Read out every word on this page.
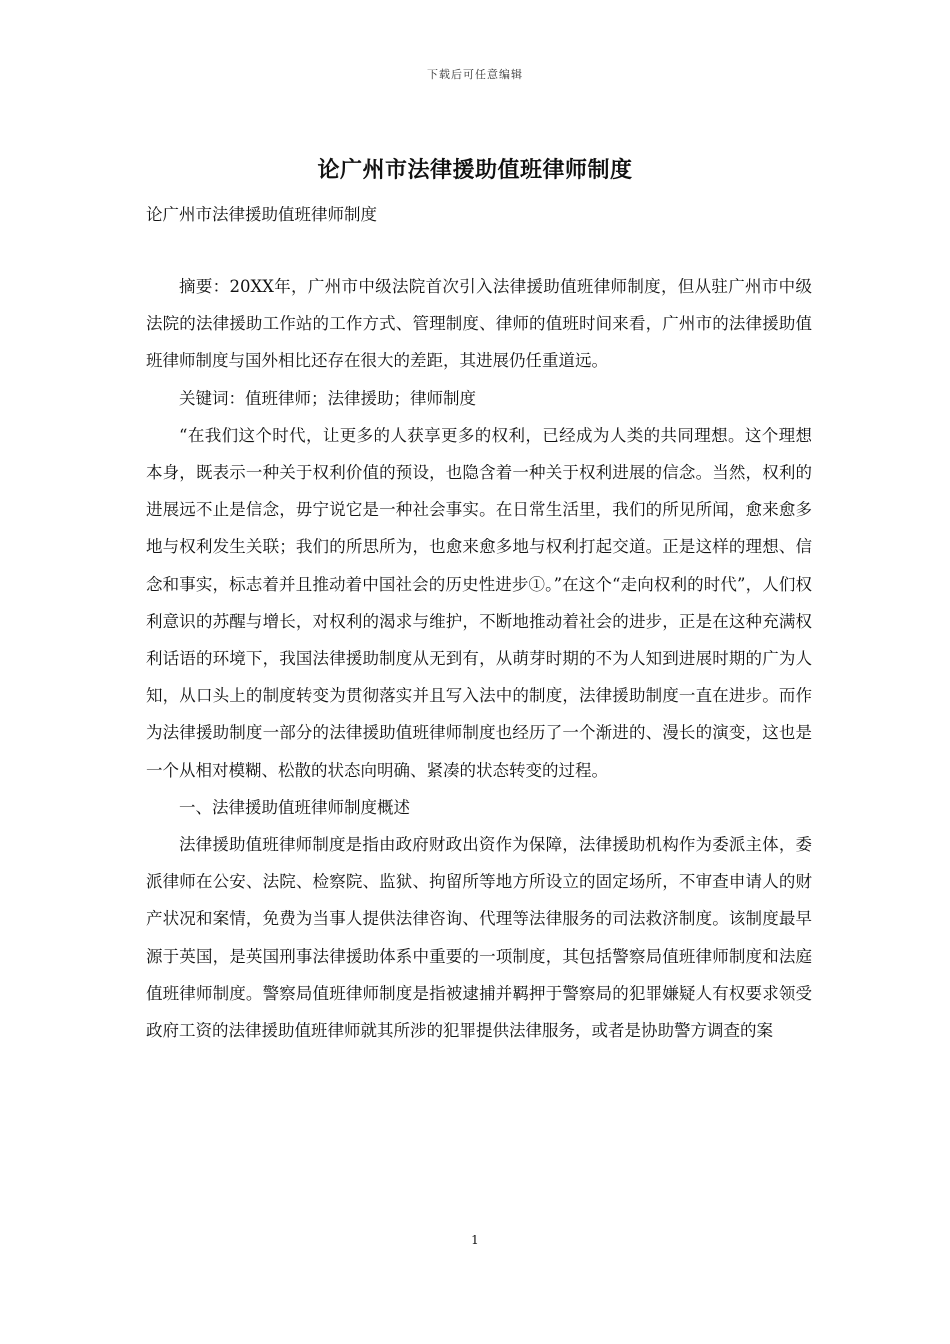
下载后可任意编辑
论广州市法律援助值班律师制度
论广州市法律援助值班律师制度

摘要：20XX年，广州市中级法院首次引入法律援助值班律师制度，但从驻广州市中级法院的法律援助工作站的工作方式、管理制度、律师的值班时间来看，广州市的法律援助值班律师制度与国外相比还存在很大的差距，其进展仍任重道远。

关键词：值班律师；法律援助；律师制度

“在我们这个时代，让更多的人获享更多的权利，已经成为人类的共同理想。这个理想本身，既表示一种关于权利价值的预设，也隐含着一种关于权利进展的信念。当然，权利的进展远不止是信念，毋宁说它是一种社会事实。在日常生活里，我们的所见所闻，愈来愈多地与权利发生关联；我们的所思所为，也愈来愈多地与权利打起交道。正是这样的理想、信念和事实，标志着并且推动着中国社会的历史性进步①。”在这个“走向权利的时代”，人们权利意识的苏醒与增长，对权利的渴求与维护，不断地推动着社会的进步，正是在这种充满权利话语的环境下，我国法律援助制度从无到有，从萌芽时期的不为人知到进展时期的广为人知，从口头上的制度转变为贯彻落实并且写入法中的制度，法律援助制度一直在进步。而作为法律援助制度一部分的法律援助值班律师制度也经历了一个渐进的、漫长的演变，这也是一个从相对模糊、松散的状态向明确、紧凑的状态转变的过程。

一、法律援助值班律师制度概述

法律援助值班律师制度是指由政府财政出资作为保障，法律援助机构作为委派主体，委派律师在公安、法院、检察院、监狱、拘留所等地方所设立的固定场所，不审查申请人的财产状况和案情，免费为当事人提供法律咨询、代理等法律服务的司法救济制度。该制度最早源于英国，是英国刑事法律援助体系中重要的一项制度，其包括警察局值班律师制度和法庭值班律师制度。警察局值班律师制度是指被逮捕并羁押于警察局的犯罪嫌疑人有权要求领受政府工资的法律援助值班律师就其所涉的犯罪提供法律服务，或者是协助警方调查的案

1
